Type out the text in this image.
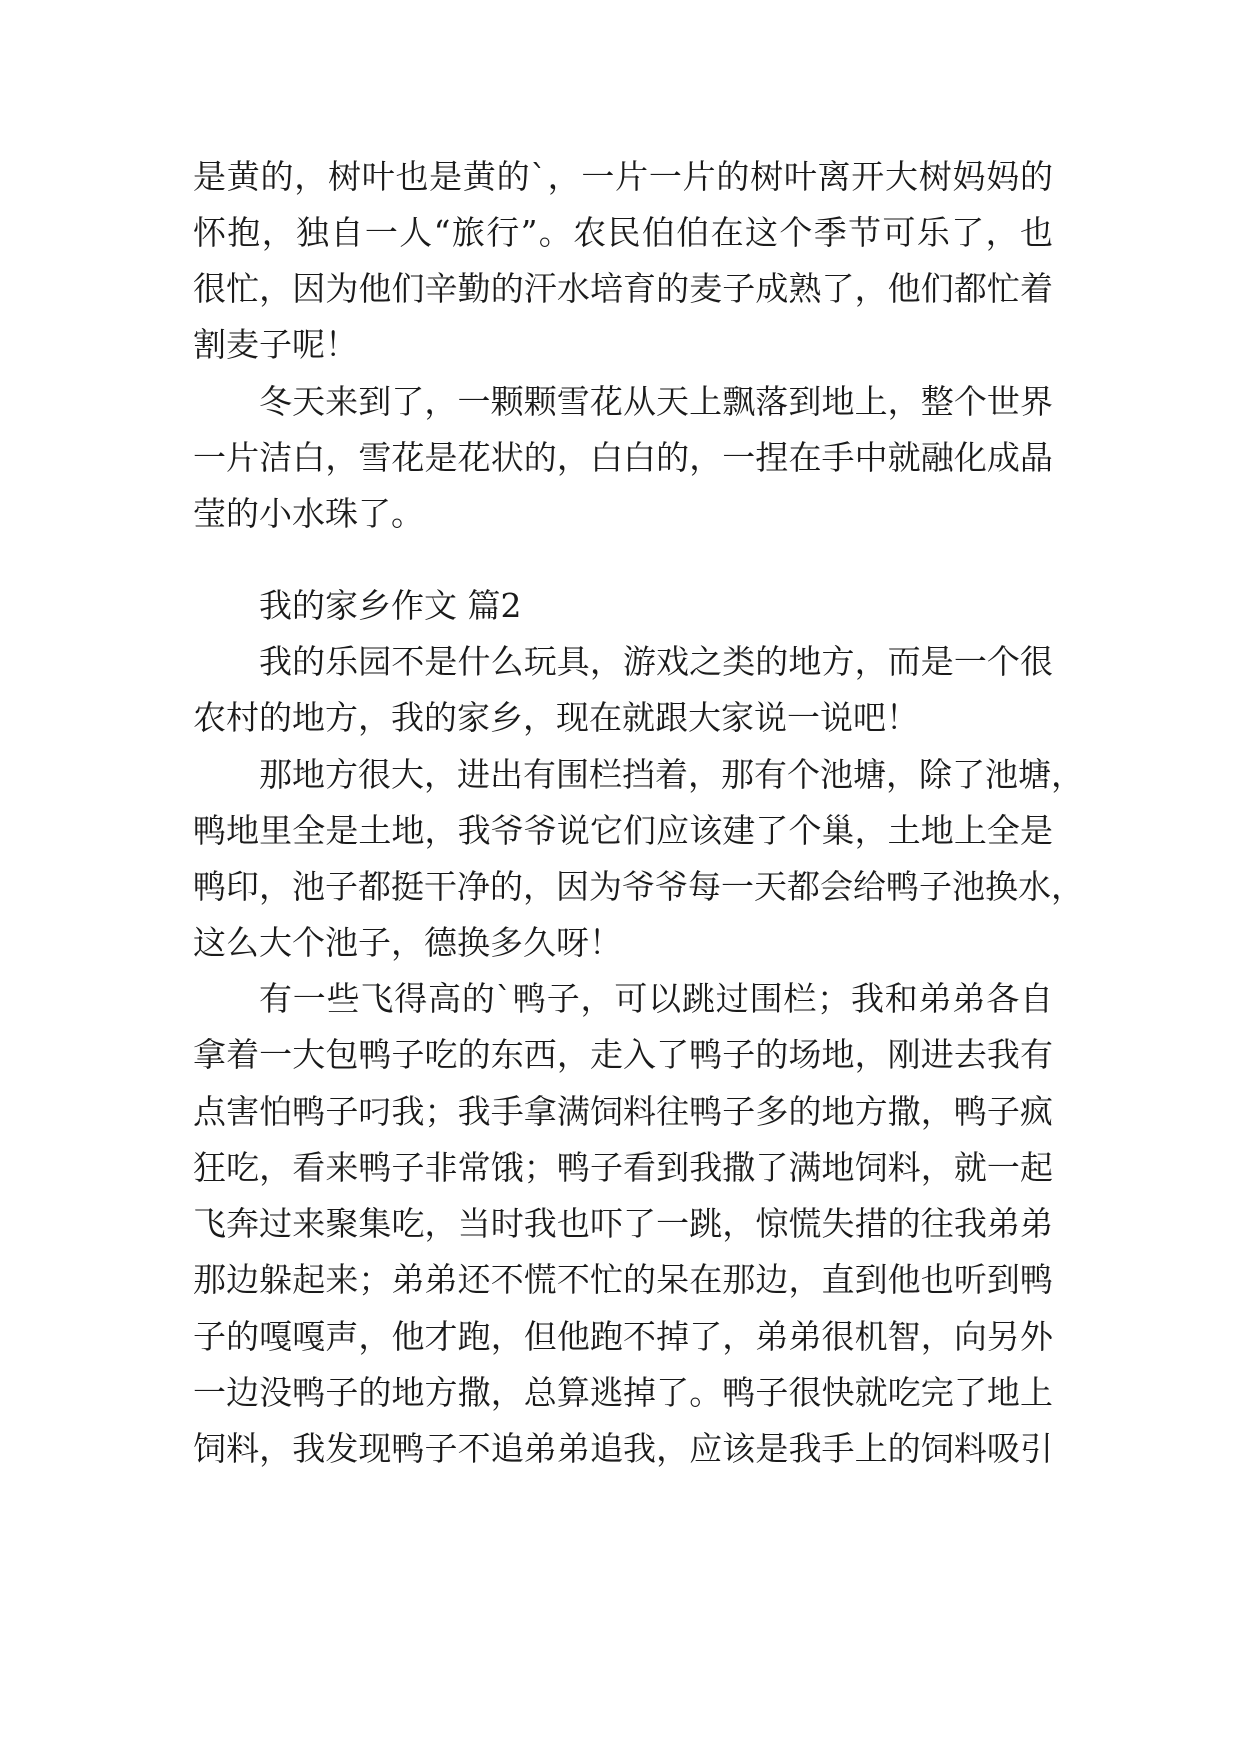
是黄的，树叶也是黄的`，一片一片的树叶离开大树妈妈的
怀抱，独自一人“旅行”。农民伯伯在这个季节可乐了，也
很忙，因为他们辛勤的汗水培育的麦子成熟了，他们都忙着
割麦子呢！
冬天来到了，一颗颗雪花从天上飘落到地上，整个世界
一片洁白，雪花是花状的，白白的，一捏在手中就融化成晶
莹的小水珠了。
我的家乡作文 篇2
我的乐园不是什么玩具，游戏之类的地方，而是一个很
农村的地方，我的家乡，现在就跟大家说一说吧！
那地方很大，进出有围栏挡着，那有个池塘，除了池塘，
鸭地里全是土地，我爷爷说它们应该建了个巢，土地上全是
鸭印，池子都挺干净的，因为爷爷每一天都会给鸭子池换水，
这么大个池子，德换多久呀！
有一些飞得高的`鸭子，可以跳过围栏；我和弟弟各自
拿着一大包鸭子吃的东西，走入了鸭子的场地，刚进去我有
点害怕鸭子叼我；我手拿满饲料往鸭子多的地方撒，鸭子疯
狂吃，看来鸭子非常饿；鸭子看到我撒了满地饲料，就一起
飞奔过来聚集吃，当时我也吓了一跳，惊慌失措的往我弟弟
那边躲起来；弟弟还不慌不忙的呆在那边，直到他也听到鸭
子的嘎嘎声，他才跑，但他跑不掉了，弟弟很机智，向另外
一边没鸭子的地方撒，总算逃掉了。鸭子很快就吃完了地上
饲料，我发现鸭子不追弟弟追我，应该是我手上的饲料吸引
